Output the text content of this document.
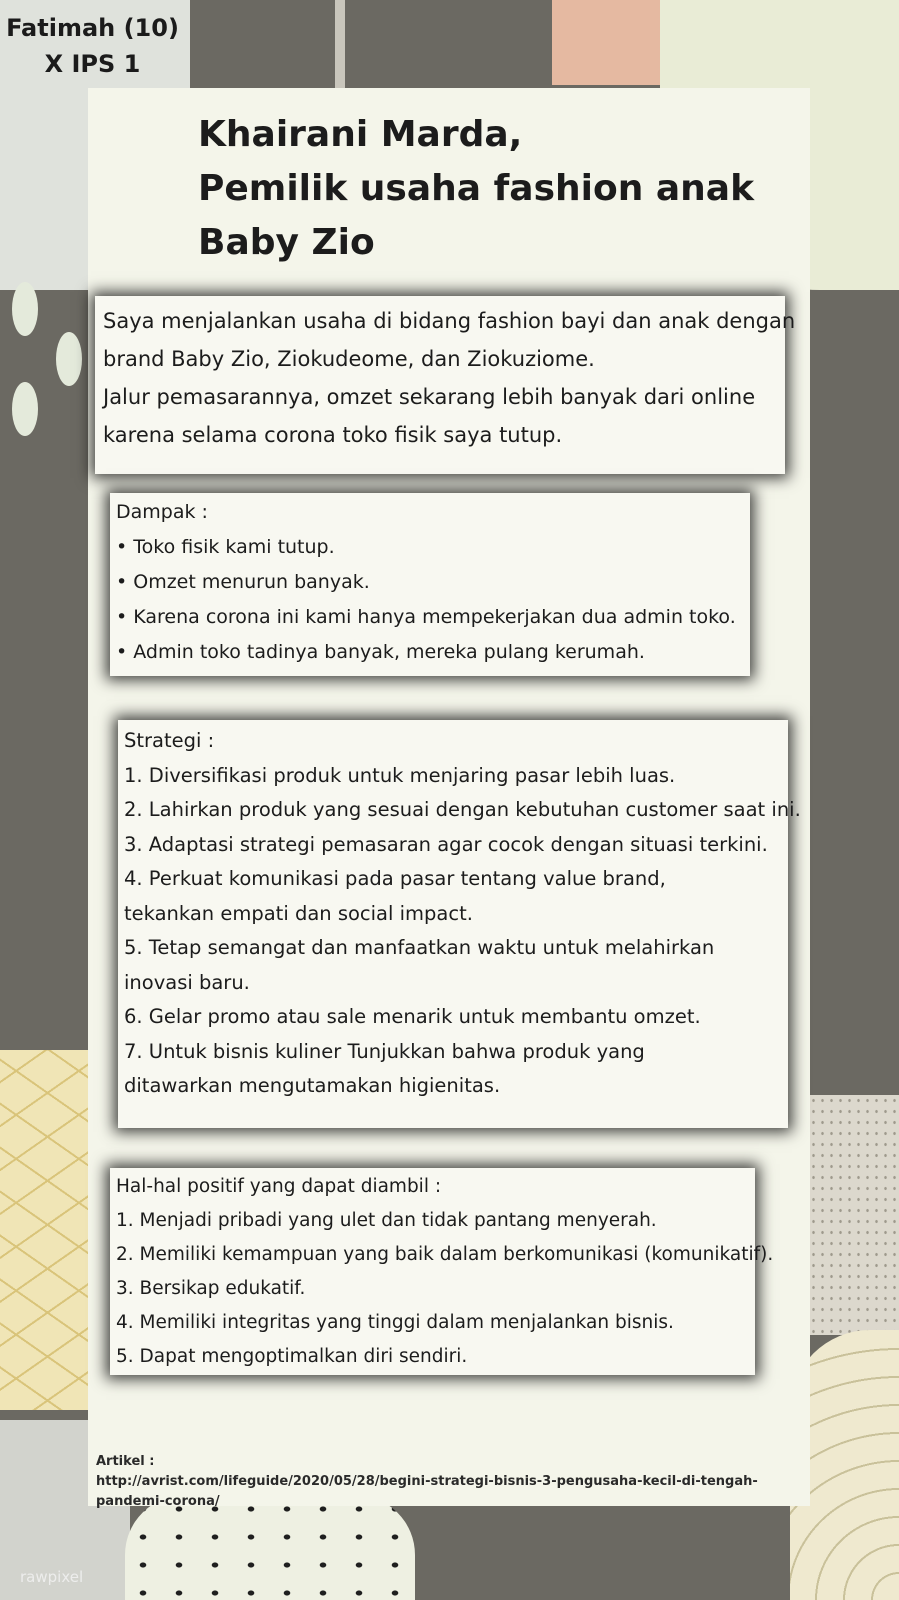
Fatimah (10)
X IPS 1
Khairani Marda,
Pemilik usaha fashion anak Baby Zio
Saya menjalankan usaha di bidang fashion bayi dan anak dengan
brand Baby Zio, Ziokudeome, dan Ziokuziome.
Jalur pemasarannya, omzet sekarang lebih banyak dari online
karena selama corona toko fisik saya tutup.
Dampak :
• Toko fisik kami tutup.
• Omzet menurun banyak.
• Karena corona ini kami hanya mempekerjakan dua admin toko.
• Admin toko tadinya banyak, mereka pulang kerumah.
Strategi :
1. Diversifikasi produk untuk menjaring pasar lebih luas.
2. Lahirkan produk yang sesuai dengan kebutuhan customer saat ini.
3. Adaptasi strategi pemasaran agar cocok dengan situasi terkini.
4. Perkuat komunikasi pada pasar tentang value brand,
tekankan empati dan social impact.
5. Tetap semangat dan manfaatkan waktu untuk melahirkan
inovasi baru.
6. Gelar promo atau sale menarik untuk membantu omzet.
7. Untuk bisnis kuliner Tunjukkan bahwa produk yang
ditawarkan mengutamakan higienitas.
Hal-hal positif yang dapat diambil :
1. Menjadi pribadi yang ulet dan tidak pantang menyerah.
2. Memiliki kemampuan yang baik dalam berkomunikasi (komunikatif).
3. Bersikap edukatif.
4. Memiliki integritas yang tinggi dalam menjalankan bisnis.
5. Dapat mengoptimalkan diri sendiri.
Artikel :
http://avrist.com/lifeguide/2020/05/28/begini-strategi-bisnis-3-pengusaha-kecil-di-tengah-pandemi-corona/
rawpixel
